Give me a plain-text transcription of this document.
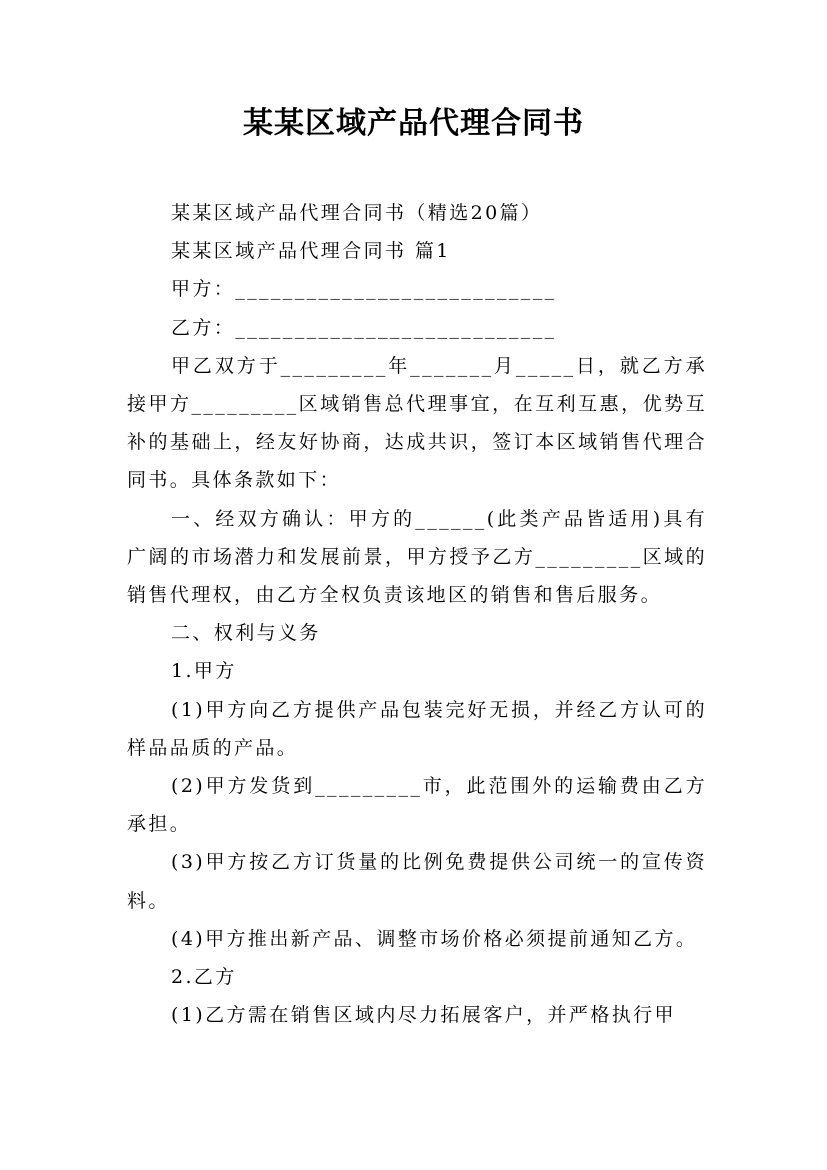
某某区域产品代理合同书

某某区域产品代理合同书（精选20篇）

某某区域产品代理合同书 篇1

甲方：___________________________

乙方：___________________________

甲乙双方于_________年_______月_____日，就乙方承接甲方_________区域销售总代理事宜，在互利互惠，优势互补的基础上，经友好协商，达成共识，签订本区域销售代理合同书。具体条款如下：

一、经双方确认：甲方的______(此类产品皆适用)具有广阔的市场潜力和发展前景，甲方授予乙方_________区域的销售代理权，由乙方全权负责该地区的销售和售后服务。

二、权利与义务

1.甲方

(1)甲方向乙方提供产品包装完好无损，并经乙方认可的样品品质的产品。

(2)甲方发货到_________市，此范围外的运输费由乙方承担。

(3)甲方按乙方订货量的比例免费提供公司统一的宣传资料。

(4)甲方推出新产品、调整市场价格必须提前通知乙方。

2.乙方

(1)乙方需在销售区域内尽力拓展客户，并严格执行甲
